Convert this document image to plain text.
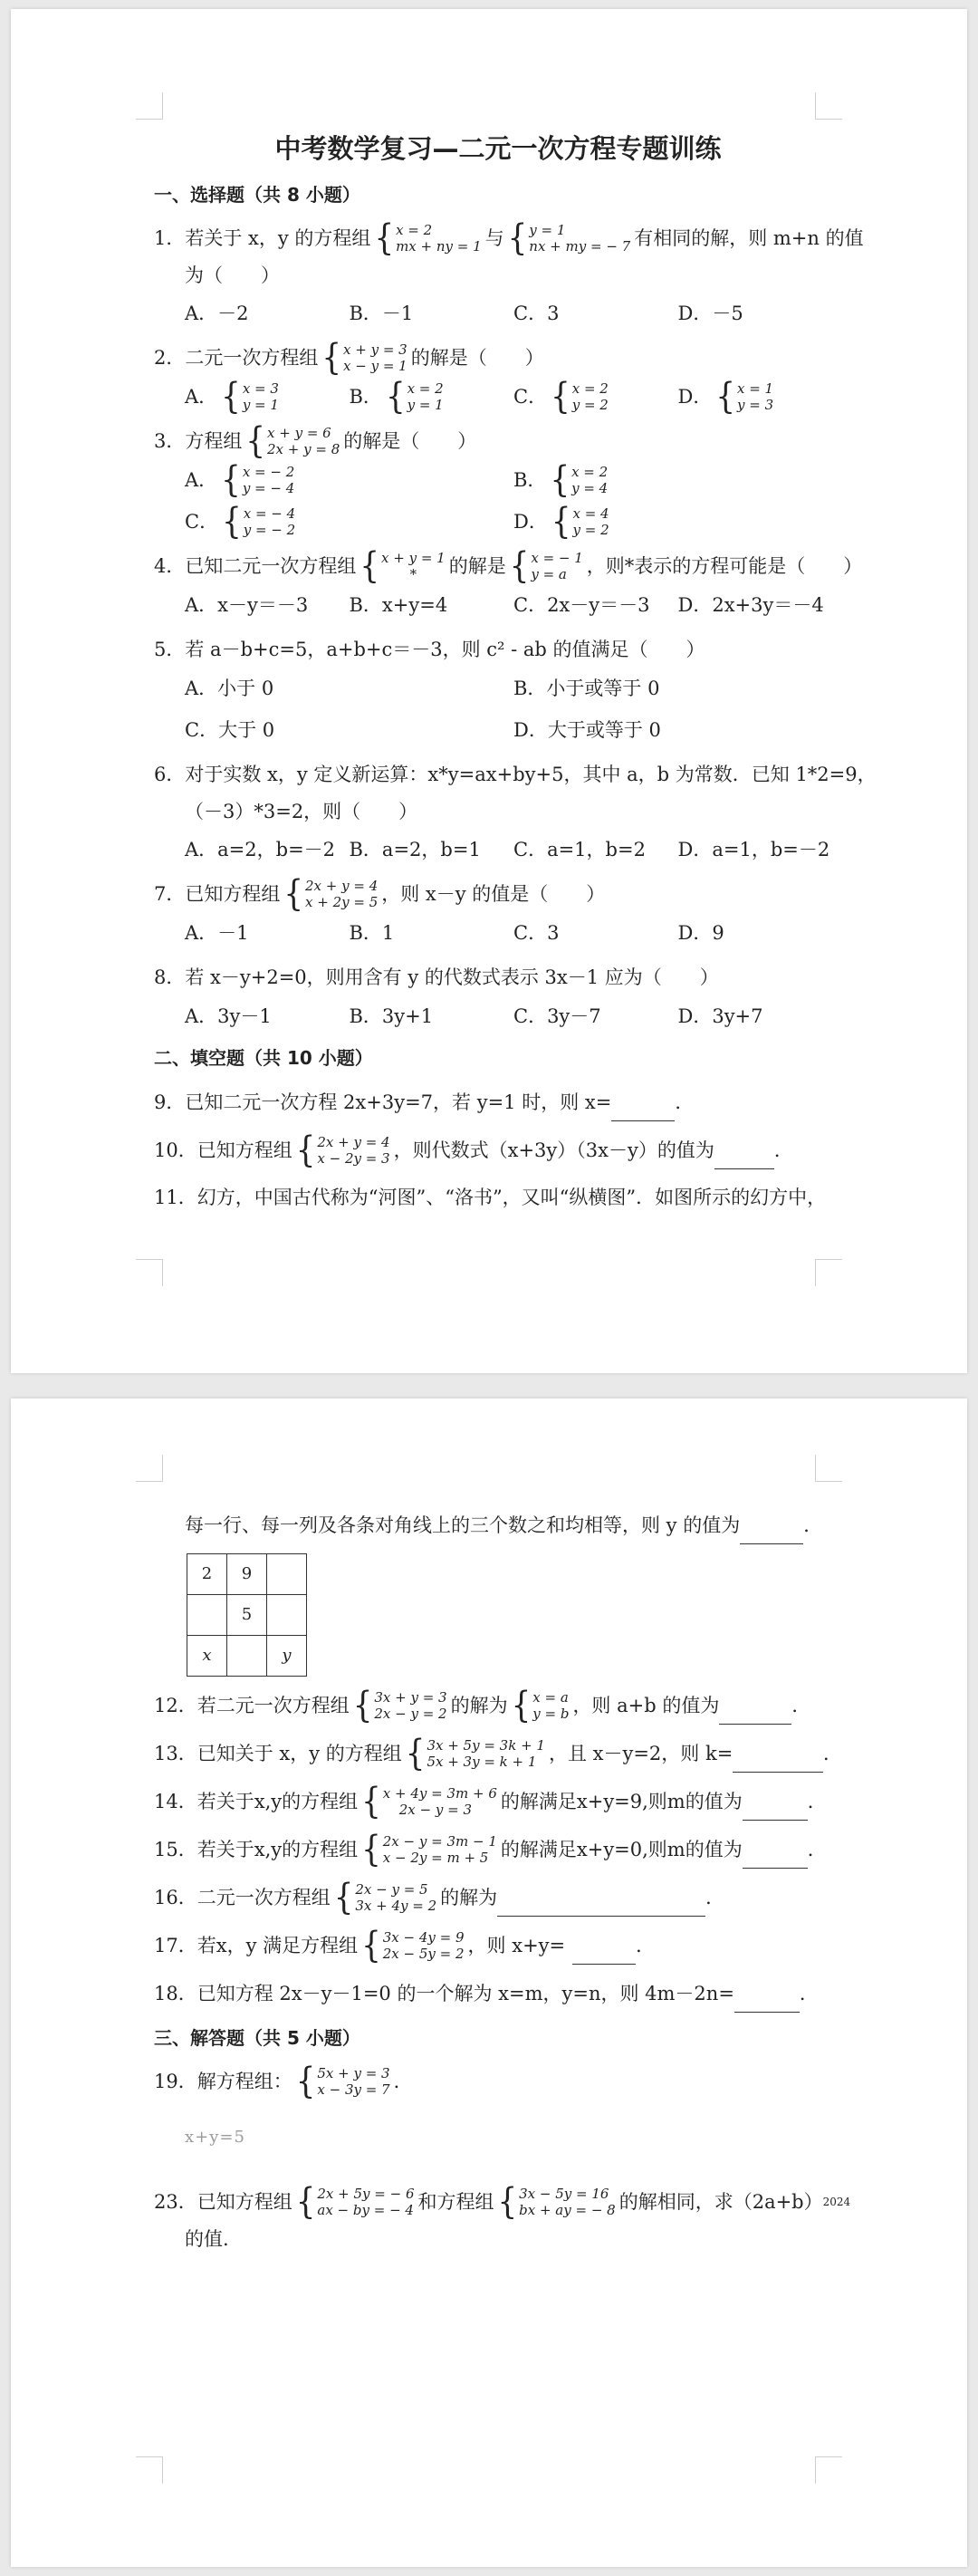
中考数学复习—二元一次方程专题训练
一、选择题（共 8 小题）
1． 若关于 x，y 的方程组 { x = 2
mx + ny = 1 与 { y = 1
nx + my = − 7 有相同的解，则 m+n 的值
为（　　）
A．－2	B．－1	C．3	D．－5
2． 二元一次方程组 { x + y = 3
x − y = 1 的解是（　　）
A． { x = 3
y = 1	B． { x = 2
y = 1	C． { x = 2
y = 2	D． { x = 1
y = 3
3． 方程组 { x + y = 6
2x + y = 8 的解是（　　）
A． { x = − 2
y = − 4	B． { x = 2
y = 4
C． { x = − 4
y = − 2	D． { x = 4
y = 2
4． 已知二元一次方程组 { x + y = 1
*	的解是 { x = − 1
y = a	，则*表示的方程可能是（　　）
A．x－y＝－3	B．x+y=4	C．2x－y＝－3	D．2x+3y＝－4
5． 若 a－b+c=5，a+b+c＝－3，则 c² - ab 的值满足（　　）
A．小于 0	B．小于或等于 0
C．大于 0	D．大于或等于 0
6． 对于实数 x，y 定义新运算：x*y=ax+by+5，其中 a，b 为常数．已知 1*2=9，
（－3）*3=2，则（　　）
A．a=2，b=－2 B．a=2，b=1	C．a=1，b=2	D．a=1，b=－2
7． 已知方程组 { 2x + y = 4
x + 2y = 5 ，则 x－y 的值是（　　）
A．－1	B．1	C．3	D．9
8． 若 x－y+2=0，则用含有 y 的代数式表示 3x－1 应为（　　）
A．3y－1	B．3y+1	C．3y－7	D．3y+7
二、填空题（共 10 小题）
9． 已知二元一次方程 2x+3y=7，若 y=1 时，则 x=
	．
10． 已知方程组 { 2x + y = 4
x − 2y = 3 ，则代数式（x+3y）（3x－y）的值为
	．
11． 幻方，中国古代称为“河图”、“洛书”，又叫“纵横图”．如图所示的幻方中，
每一行、每一列及各条对角线上的三个数之和均相等，则 y 的值为
	．
2	9	
	5	
x		y
12． 若二元一次方程组 { 3x + y = 3
2x − y = 2 的解为 { x = a
y = b ，则 a+b 的值为
	．
13． 已知关于 x，y 的方程组 { 3x + 5y = 3k + 1
5x + 3y = k + 1 ，且 x－y=2，则 k=
	．
14． 若关于x,y的方程组 { x + 4y = 3m + 6
2x − y = 3	的解满足x+y=9,则m的值为
	．
15． 若关于x,y的方程组 { 2x − y = 3m − 1
x − 2y = m + 5 的解满足x+y=0,则m的值为
	．
16． 二元一次方程组 { 2x − y = 5
3x + 4y = 2 的解为
	．
17． 若x，y 满足方程组 { 3x − 4y = 9
2x − 5y = 2 ，则 x+y=
	．
18． 已知方程 2x－y－1=0 的一个解为 x=m，y=n，则 4m－2n=
	．
三、解答题（共 5 小题）
19． 解方程组： { 5x + y = 3
x − 3y = 7 ．
x+y=5
23． 已知方程组 { 2x + 5y = − 6
ax − by = − 4 和方程组 { 3x − 5y = 16
bx + ay = − 8 的解相同，求（2a+b） 2024
的值.
